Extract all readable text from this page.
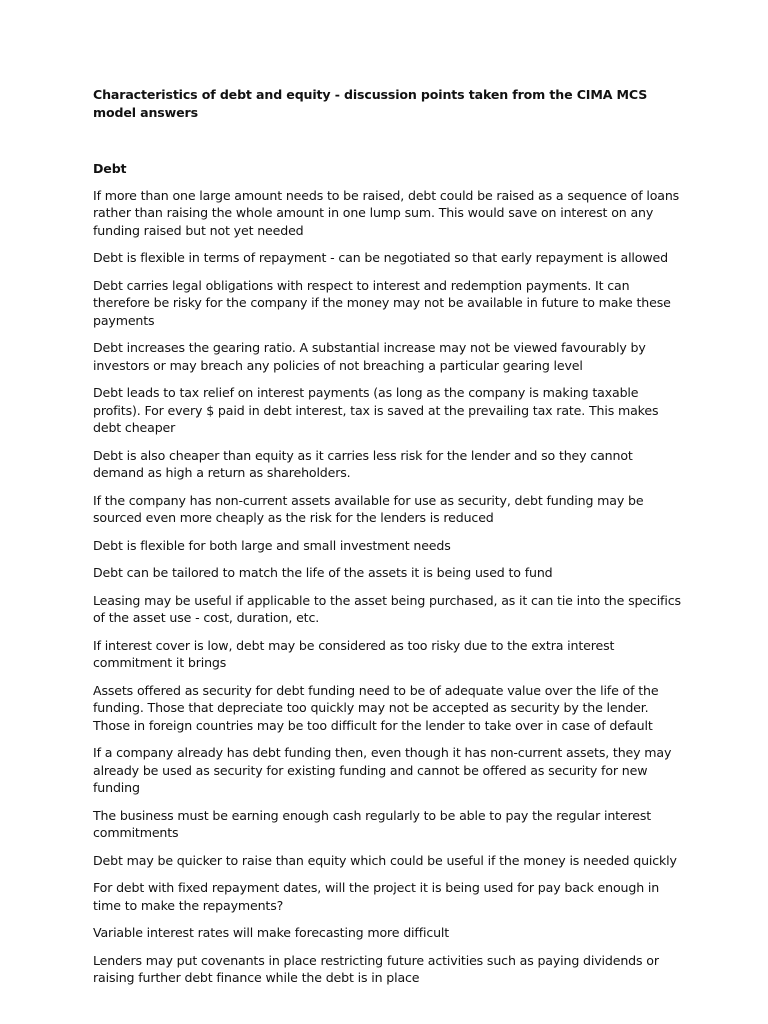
Characteristics of debt and equity - discussion points taken from the CIMA MCS model answers
Debt

If more than one large amount needs to be raised, debt could be raised as a sequence of loans rather than raising the whole amount in one lump sum. This would save on interest on any funding raised but not yet needed

Debt is flexible in terms of repayment - can be negotiated so that early repayment is allowed

Debt carries legal obligations with respect to interest and redemption payments. It can therefore be risky for the company if the money may not be available in future to make these payments

Debt increases the gearing ratio. A substantial increase may not be viewed favourably by investors or may breach any policies of not breaching a particular gearing level

Debt leads to tax relief on interest payments (as long as the company is making taxable profits). For every $ paid in debt interest, tax is saved at the prevailing tax rate. This makes debt cheaper

Debt is also cheaper than equity as it carries less risk for the lender and so they cannot demand as high a return as shareholders.

If the company has non-current assets available for use as security, debt funding may be sourced even more cheaply as the risk for the lenders is reduced

Debt is flexible for both large and small investment needs

Debt can be tailored to match the life of the assets it is being used to fund

Leasing may be useful if applicable to the asset being purchased, as it can tie into the specifics of the asset use - cost, duration, etc.

If interest cover is low, debt may be considered as too risky due to the extra interest commitment it brings

Assets offered as security for debt funding need to be of adequate value over the life of the funding. Those that depreciate too quickly may not be accepted as security by the lender. Those in foreign countries may be too difficult for the lender to take over in case of default

If a company already has debt funding then, even though it has non-current assets, they may already be used as security for existing funding and cannot be offered as security for new funding

The business must be earning enough cash regularly to be able to pay the regular interest commitments

Debt may be quicker to raise than equity which could be useful if the money is needed quickly

For debt with fixed repayment dates, will the project it is being used for pay back enough in time to make the repayments?

Variable interest rates will make forecasting more difficult

Lenders may put covenants in place restricting future activities such as paying dividends or raising further debt finance while the debt is in place
